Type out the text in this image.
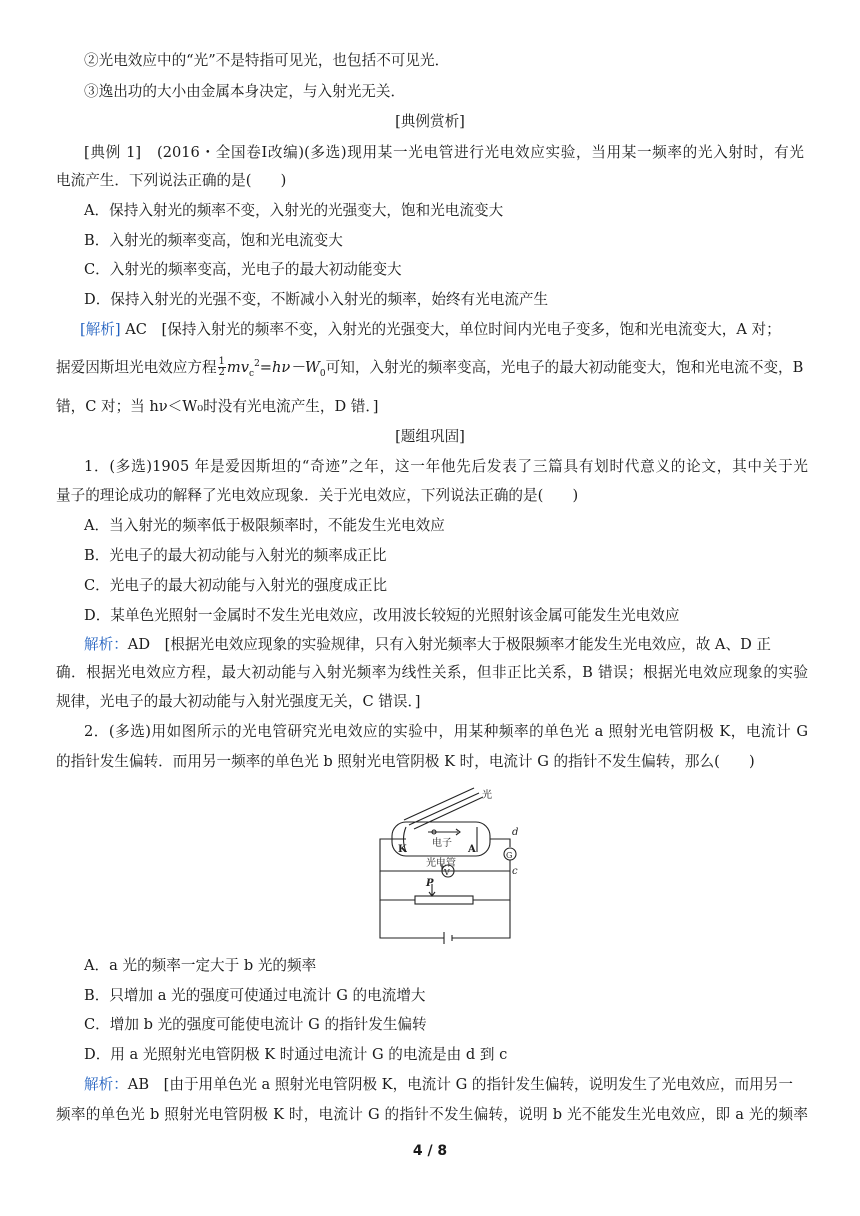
②光电效应中的“光”不是特指可见光，也包括不可见光．
③逸出功的大小由金属本身决定，与入射光无关．
[典例赏析]
[典例 1]　(2016・全国卷Ⅰ改编)(多选)现用某一光电管进行光电效应实验，当用某一频率的光入射时，有光
电流产生．下列说法正确的是(　　)
A．保持入射光的频率不变，入射光的光强变大，饱和光电流变大
B．入射光的频率变高，饱和光电流变大
C．入射光的频率变高，光电子的最大初动能变大
D．保持入射光的光强不变，不断减小入射光的频率，始终有光电流产生
[解析] AC　[保持入射光的频率不变，入射光的光强变大，单位时间内光电子变多，饱和光电流变大，A 对；
据爱因斯坦光电效应方程 $\frac{1}{2} mv_c^2=h\nu-W_0$可知，入射光的频率变高，光电子的最大初动能变大，饱和光电流不变，B
错，C 对；当 hν＜W₀时没有光电流产生，D 错．]
[题组巩固]
1．(多选)1905 年是爱因斯坦的“奇迹”之年，这一年他先后发表了三篇具有划时代意义的论文，其中关于光
量子的理论成功的解释了光电效应现象．关于光电效应，下列说法正确的是(　　)
A．当入射光的频率低于极限频率时，不能发生光电效应
B．光电子的最大初动能与入射光的频率成正比
C．光电子的最大初动能与入射光的强度成正比
D．某单色光照射一金属时不发生光电效应，改用波长较短的光照射该金属可能发生光电效应
解析：AD　[根据光电效应现象的实验规律，只有入射光频率大于极限频率才能发生光电效应，故 A、D 正
确．根据光电效应方程，最大初动能与入射光频率为线性关系，但非正比关系，B 错误；根据光电效应现象的实验
规律，光电子的最大初动能与入射光强度无关，C 错误．]
2．(多选)用如图所示的光电管研究光电效应的实验中，用某种频率的单色光 a 照射光电管阴极 K，电流计 G
的指针发生偏转．而用另一频率的单色光 b 照射光电管阴极 K 时，电流计 G 的指针不发生偏转，那么(　　)
光
K	A
电子
光电管
d
c
G
V
P
A．a 光的频率一定大于 b 光的频率
B．只增加 a 光的强度可使通过电流计 G 的电流增大
C．增加 b 光的强度可能使电流计 G 的指针发生偏转
D．用 a 光照射光电管阴极 K 时通过电流计 G 的电流是由 d 到 c
解析：AB　[由于用单色光 a 照射光电管阴极 K，电流计 G 的指针发生偏转，说明发生了光电效应，而用另一
频率的单色光 b 照射光电管阴极 K 时，电流计 G 的指针不发生偏转，说明 b 光不能发生光电效应，即 a 光的频率
4 / 8
